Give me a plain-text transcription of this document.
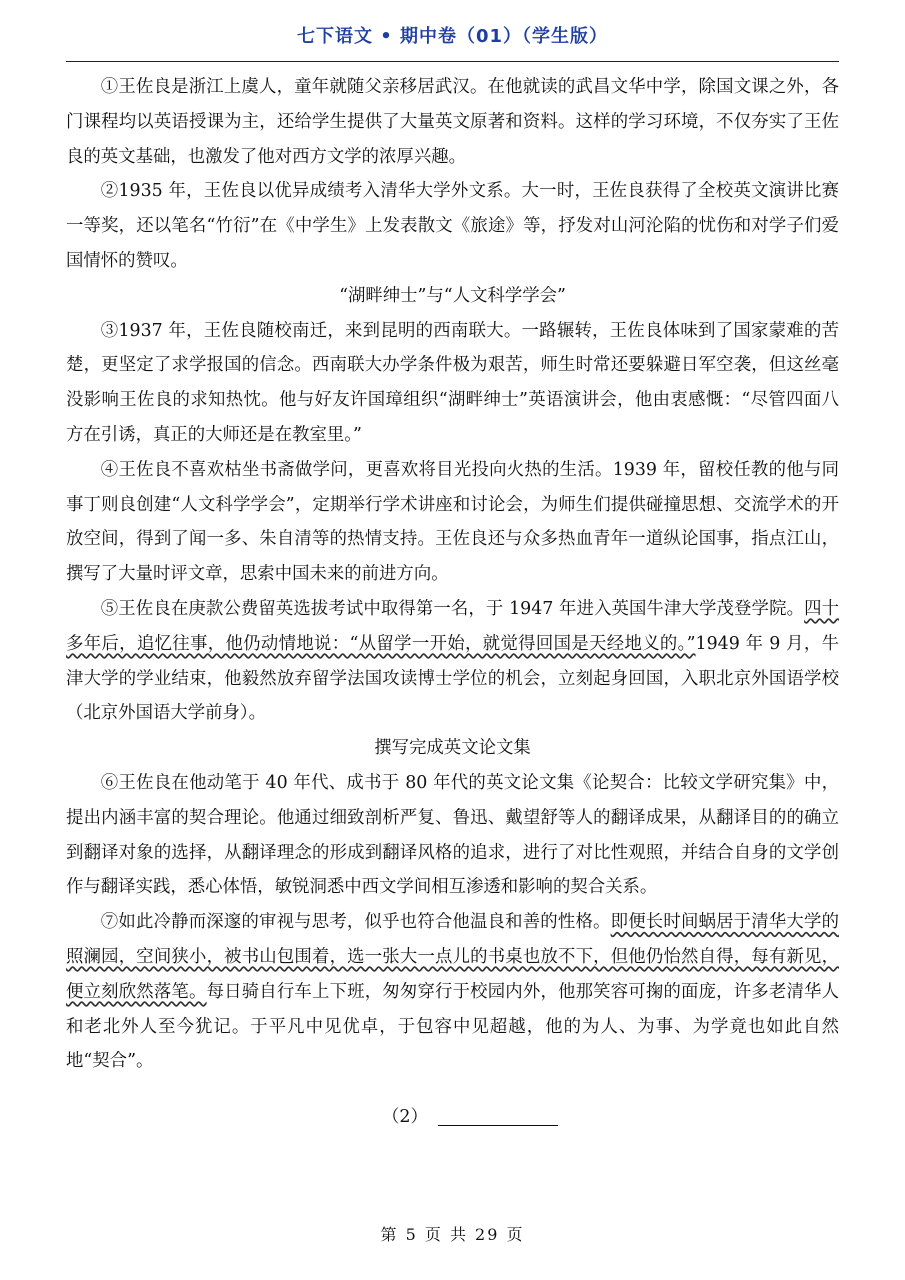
七下语文 • 期中卷（01）（学生版）

①王佐良是浙江上虞人，童年就随父亲移居武汉。在他就读的武昌文华中学，除国文课之外，各门课程均以英语授课为主，还给学生提供了大量英文原著和资料。这样的学习环境，不仅夯实了王佐良的英文基础，也激发了他对西方文学的浓厚兴趣。

②1935 年，王佐良以优异成绩考入清华大学外文系。大一时，王佐良获得了全校英文演讲比赛一等奖，还以笔名“竹衍”在《中学生》上发表散文《旅途》等，抒发对山河沦陷的忧伤和对学子们爱国情怀的赞叹。

“湖畔绅士”与“人文科学学会”

③1937 年，王佐良随校南迁，来到昆明的西南联大。一路辗转，王佐良体味到了国家蒙难的苦楚，更坚定了求学报国的信念。西南联大办学条件极为艰苦，师生时常还要躲避日军空袭，但这丝毫没影响王佐良的求知热忱。他与好友许国璋组织“湖畔绅士”英语演讲会，他由衷感慨：“尽管四面八方在引诱，真正的大师还是在教室里。”

④王佐良不喜欢枯坐书斋做学问，更喜欢将目光投向火热的生活。1939 年，留校任教的他与同事丁则良创建“人文科学学会”，定期举行学术讲座和讨论会，为师生们提供碰撞思想、交流学术的开放空间，得到了闻一多、朱自清等的热情支持。王佐良还与众多热血青年一道纵论国事，指点江山，撰写了大量时评文章，思索中国未来的前进方向。

⑤王佐良在庚款公费留英选拔考试中取得第一名，于 1947 年进入英国牛津大学茂登学院。四十多年后，追忆往事，他仍动情地说：“从留学一开始，就觉得回国是天经地义的。”1949 年 9 月，牛津大学的学业结束，他毅然放弃留学法国攻读博士学位的机会，立刻起身回国，入职北京外国语学校（北京外国语大学前身）。

撰写完成英文论文集

⑥王佐良在他动笔于 40 年代、成书于 80 年代的英文论文集《论契合：比较文学研究集》中，提出内涵丰富的契合理论。他通过细致剖析严复、鲁迅、戴望舒等人的翻译成果，从翻译目的的确立到翻译对象的选择，从翻译理念的形成到翻译风格的追求，进行了对比性观照，并结合自身的文学创作与翻译实践，悉心体悟，敏锐洞悉中西文学间相互渗透和影响的契合关系。

⑦如此冷静而深邃的审视与思考，似乎也符合他温良和善的性格。即便长时间蜗居于清华大学的照澜园，空间狭小，被书山包围着，选一张大一点儿的书桌也放不下，但他仍怡然自得，每有新见，便立刻欣然落笔。每日骑自行车上下班，匆匆穿行于校园内外，他那笑容可掬的面庞，许多老清华人和老北外人至今犹记。于平凡中见优卓，于包容中见超越，他的为人、为事、为学竟也如此自然地“契合”。

（2）
第 5 页 共 29 页
